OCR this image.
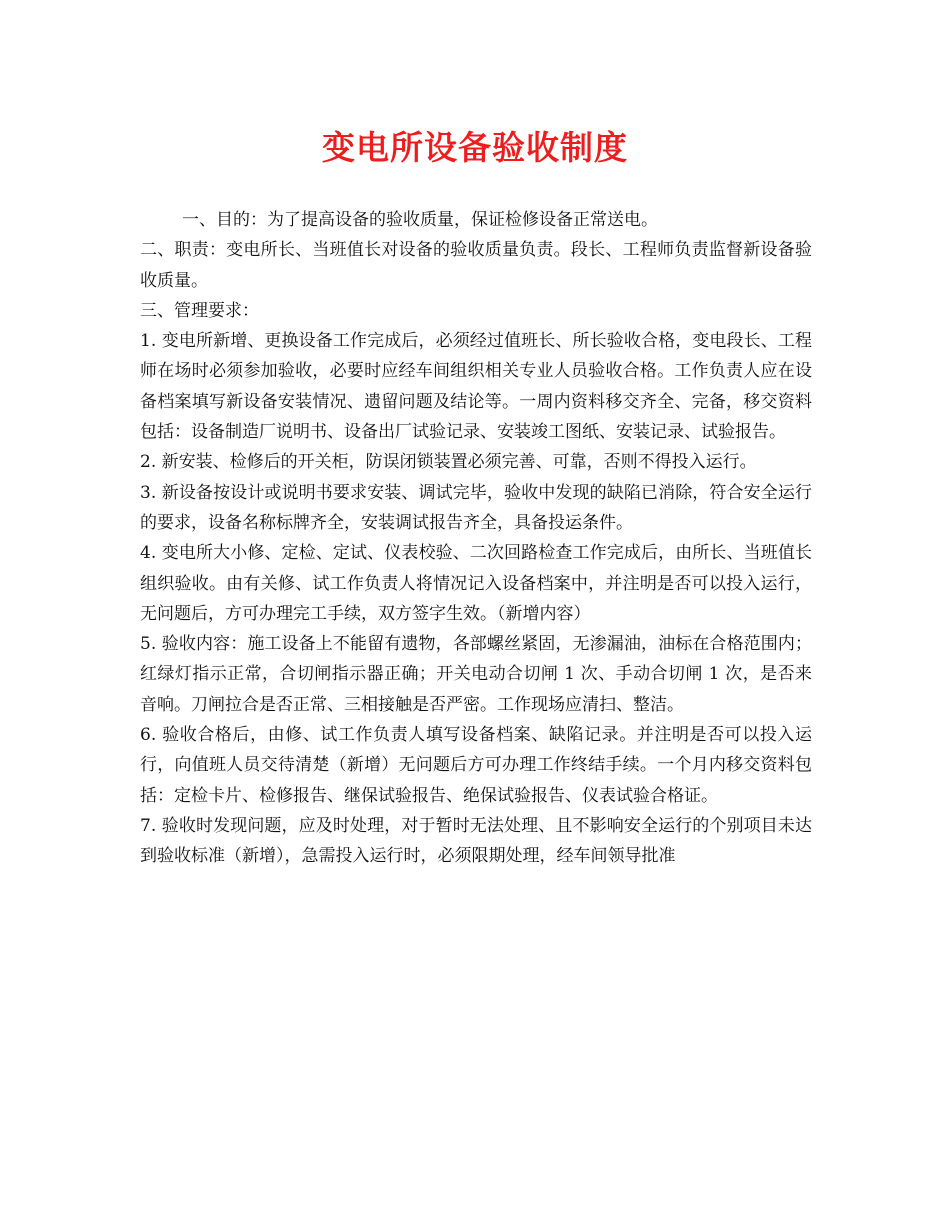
变电所设备验收制度

一、目的：为了提高设备的验收质量，保证检修设备正常送电。

二、职责：变电所长、当班值长对设备的验收质量负责。段长、工程师负责监督新设备验收质量。

三、管理要求：

1. 变电所新增、更换设备工作完成后，必须经过值班长、所长验收合格，变电段长、工程师在场时必须参加验收，必要时应经车间组织相关专业人员验收合格。工作负责人应在设备档案填写新设备安装情况、遗留问题及结论等。一周内资料移交齐全、完备，移交资料包括：设备制造厂说明书、设备出厂试验记录、安装竣工图纸、安装记录、试验报告。

2. 新安装、检修后的开关柜，防误闭锁装置必须完善、可靠，否则不得投入运行。

3. 新设备按设计或说明书要求安装、调试完毕，验收中发现的缺陷已消除，符合安全运行的要求，设备名称标牌齐全，安装调试报告齐全，具备投运条件。

4. 变电所大小修、定检、定试、仪表校验、二次回路检查工作完成后，由所长、当班值长组织验收。由有关修、试工作负责人将情况记入设备档案中，并注明是否可以投入运行，无问题后，方可办理完工手续，双方签字生效。（新增内容）

5. 验收内容：施工设备上不能留有遗物，各部螺丝紧固，无渗漏油，油标在合格范围内；红绿灯指示正常，合切闸指示器正确；开关电动合切闸 1 次、手动合切闸 1 次，是否来音响。刀闸拉合是否正常、三相接触是否严密。工作现场应清扫、整洁。

6. 验收合格后，由修、试工作负责人填写设备档案、缺陷记录。并注明是否可以投入运行，向值班人员交待清楚（新增）无问题后方可办理工作终结手续。一个月内移交资料包括：定检卡片、检修报告、继保试验报告、绝保试验报告、仪表试验合格证。

7. 验收时发现问题，应及时处理，对于暂时无法处理、且不影响安全运行的个别项目未达到验收标准（新增），急需投入运行时，必须限期处理，经车间领导批准
